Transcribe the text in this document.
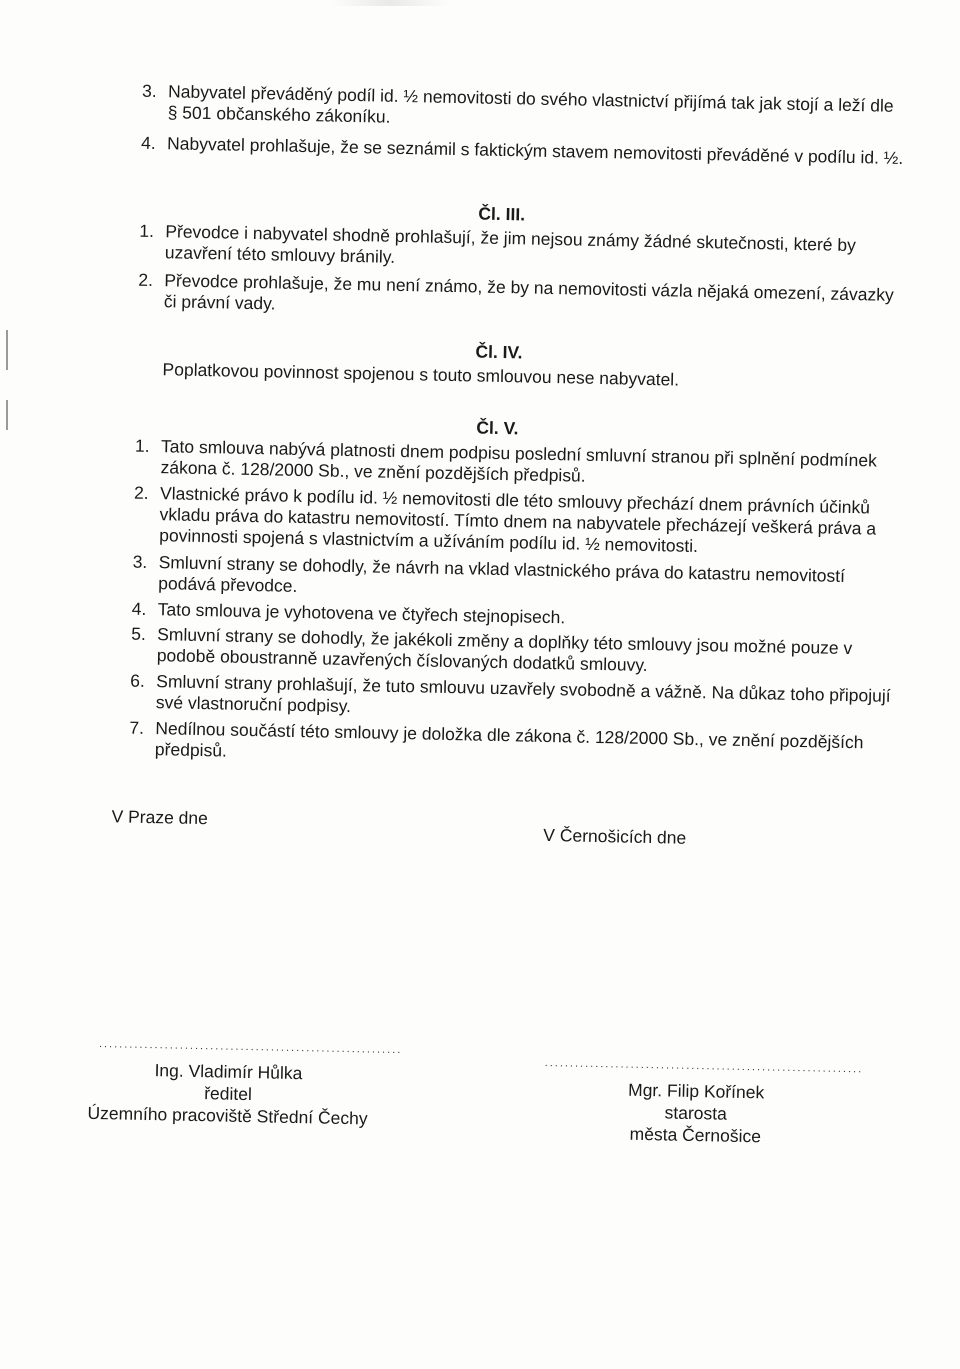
3. Nabyvatel převáděný podíl id. ½ nemovitosti do svého vlastnictví přijímá tak jak stojí a leží dle § 501 občanského zákoníku.
4. Nabyvatel prohlašuje, že se seznámil s faktickým stavem nemovitosti převáděné v podílu id. ½.
Čl. III.
1. Převodce i nabyvatel shodně prohlašují, že jim nejsou známy žádné skutečnosti, které by uzavření této smlouvy bránily.
2. Převodce prohlašuje, že mu není známo, že by na nemovitosti vázla nějaká omezení, závazky či právní vady.
Čl. IV.
Poplatkovou povinnost spojenou s touto smlouvou nese nabyvatel.
Čl. V.
1. Tato smlouva nabývá platnosti dnem podpisu poslední smluvní stranou při splnění podmínek zákona č. 128/2000 Sb., ve znění pozdějších předpisů.
2. Vlastnické právo k podílu id. ½ nemovitosti dle této smlouvy přechází dnem právních účinků vkladu práva do katastru nemovitostí. Tímto dnem na nabyvatele přecházejí veškerá práva a povinnosti spojená s vlastnictvím a užíváním podílu id. ½ nemovitosti.
3. Smluvní strany se dohodly, že návrh na vklad vlastnického práva do katastru nemovitostí podává převodce.
4. Tato smlouva je vyhotovena ve čtyřech stejnopisech.
5. Smluvní strany se dohodly, že jakékoli změny a doplňky této smlouvy jsou možné pouze v podobě oboustranně uzavřených číslovaných dodatků smlouvy.
6. Smluvní strany prohlašují, že tuto smlouvu uzavřely svobodně a vážně. Na důkaz toho připojují své vlastnoruční podpisy.
7. Nedílnou součástí této smlouvy je doložka dle zákona č. 128/2000 Sb., ve znění pozdějších předpisů.
V Praze dne
V Černošicích dne
............................................................
Ing. Vladimír Hůlka
ředitel
Územního pracoviště Střední Čechy
...............................................................
Mgr. Filip Kořínek
starosta
města Černošice
